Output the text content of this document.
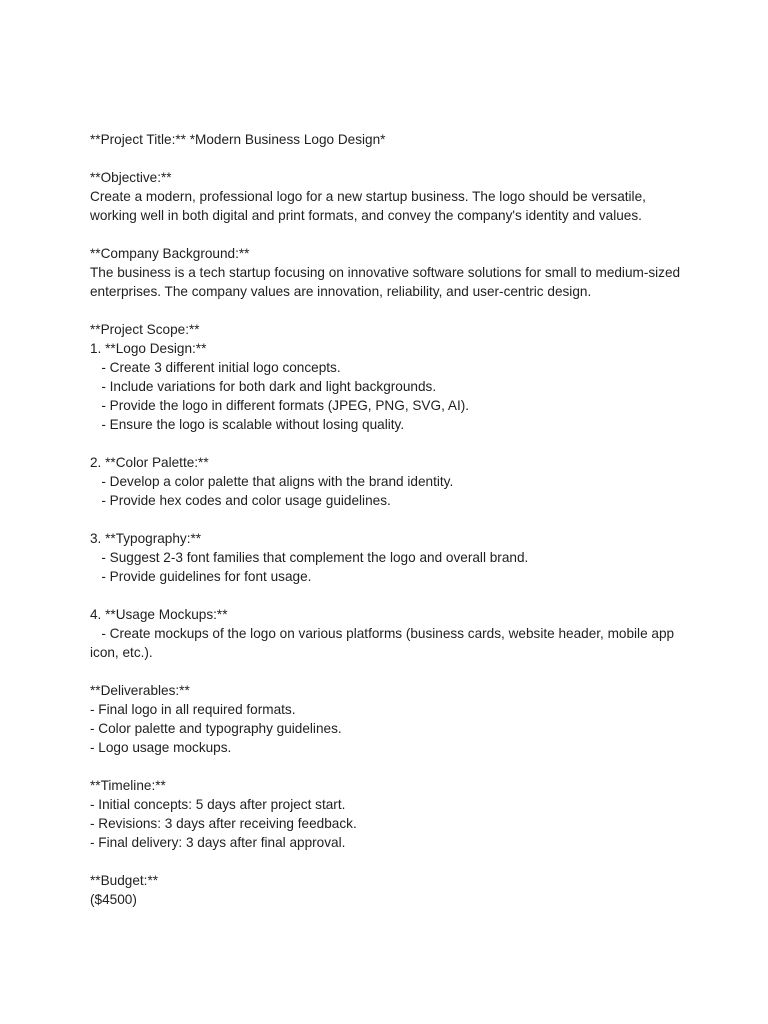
**Project Title:** *Modern Business Logo Design*

**Objective:**

Create a modern, professional logo for a new startup business. The logo should be versatile, working well in both digital and print formats, and convey the company's identity and values.

**Company Background:**

The business is a tech startup focusing on innovative software solutions for small to medium-sized enterprises. The company values are innovation, reliability, and user-centric design.

**Project Scope:**

1. **Logo Design:**

- Create 3 different initial logo concepts.

- Include variations for both dark and light backgrounds.

- Provide the logo in different formats (JPEG, PNG, SVG, AI).

- Ensure the logo is scalable without losing quality.

2. **Color Palette:**

- Develop a color palette that aligns with the brand identity.

- Provide hex codes and color usage guidelines.

3. **Typography:**

- Suggest 2-3 font families that complement the logo and overall brand.

- Provide guidelines for font usage.

4. **Usage Mockups:**

- Create mockups of the logo on various platforms (business cards, website header, mobile app icon, etc.).

**Deliverables:**

- Final logo in all required formats.

- Color palette and typography guidelines.

- Logo usage mockups.

**Timeline:**

- Initial concepts: 5 days after project start.

- Revisions: 3 days after receiving feedback.

- Final delivery: 3 days after final approval.

**Budget:**

($4500)
